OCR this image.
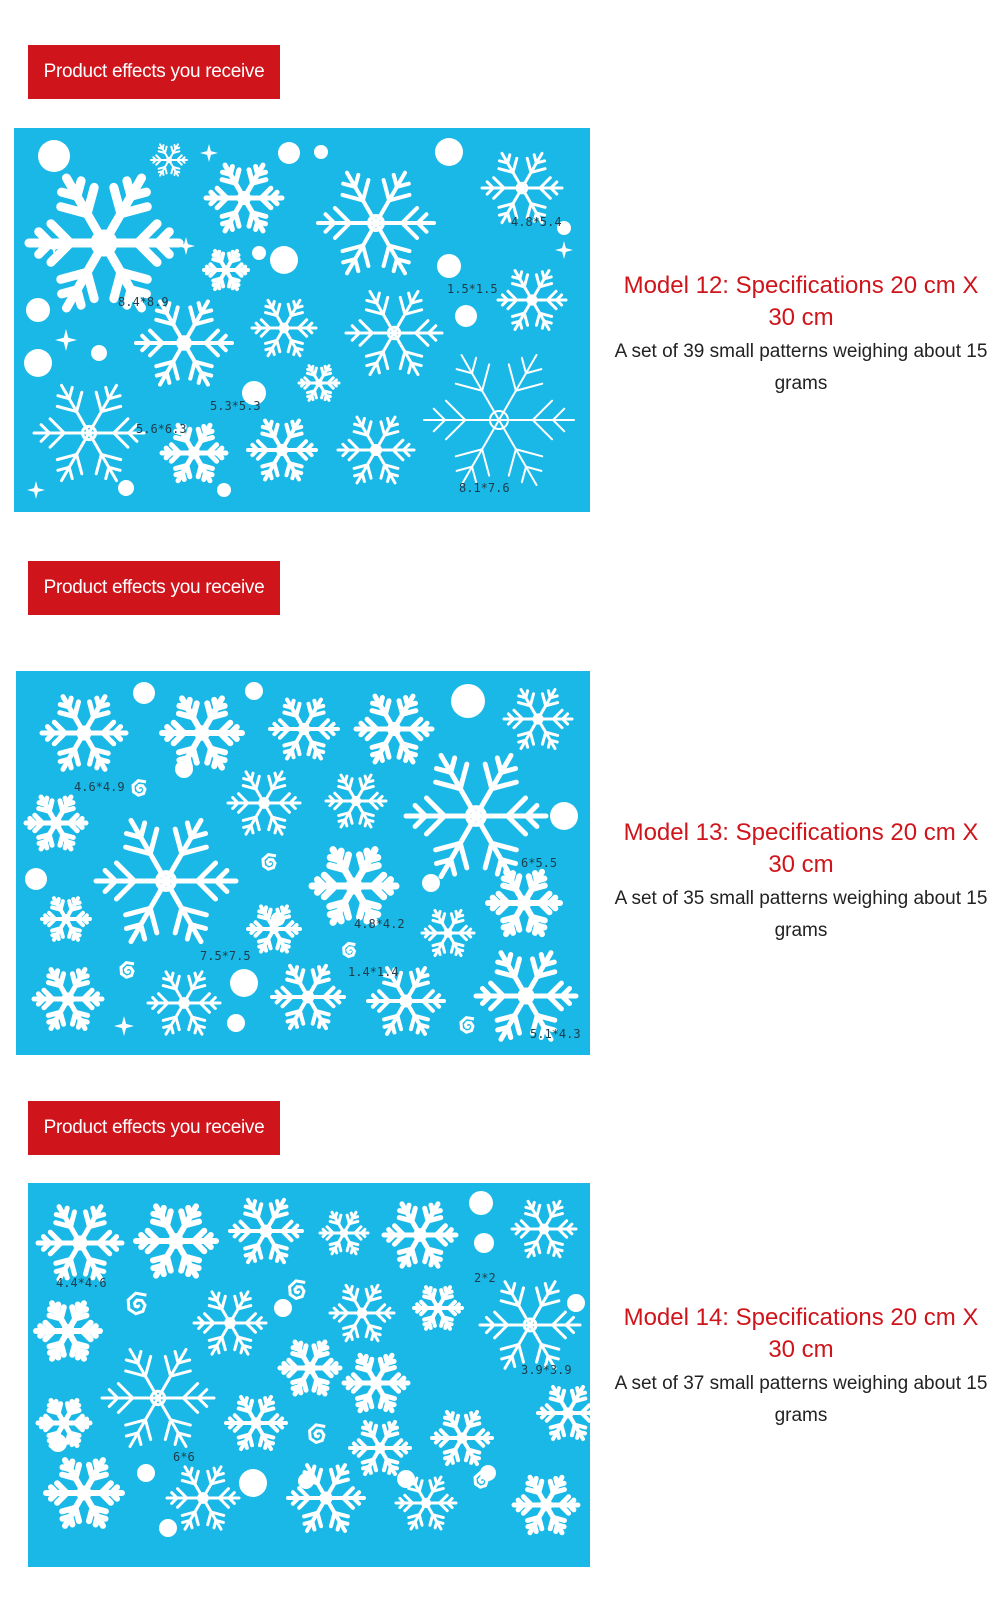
Product effects you receive
4.8*5.4
8.4*8.9
1.5*1.5
5.3*5.3
5.6*6.3
8.1*7.6
Model 12: Specifications 20 cm X 30 cm
A set of 39 small patterns weighing about 15 grams
Product effects you receive
4.6*4.9
6*5.5
4.8*4.2
7.5*7.5
1.4*1.4
5.1*4.3
Model 13: Specifications 20 cm X 30 cm
A set of 35 small patterns weighing about 15 grams
Product effects you receive
4.4*4.6	2*2
3.9*3.9
6*6
Model 14: Specifications 20 cm X 30 cm
A set of 37 small patterns weighing about 15 grams
